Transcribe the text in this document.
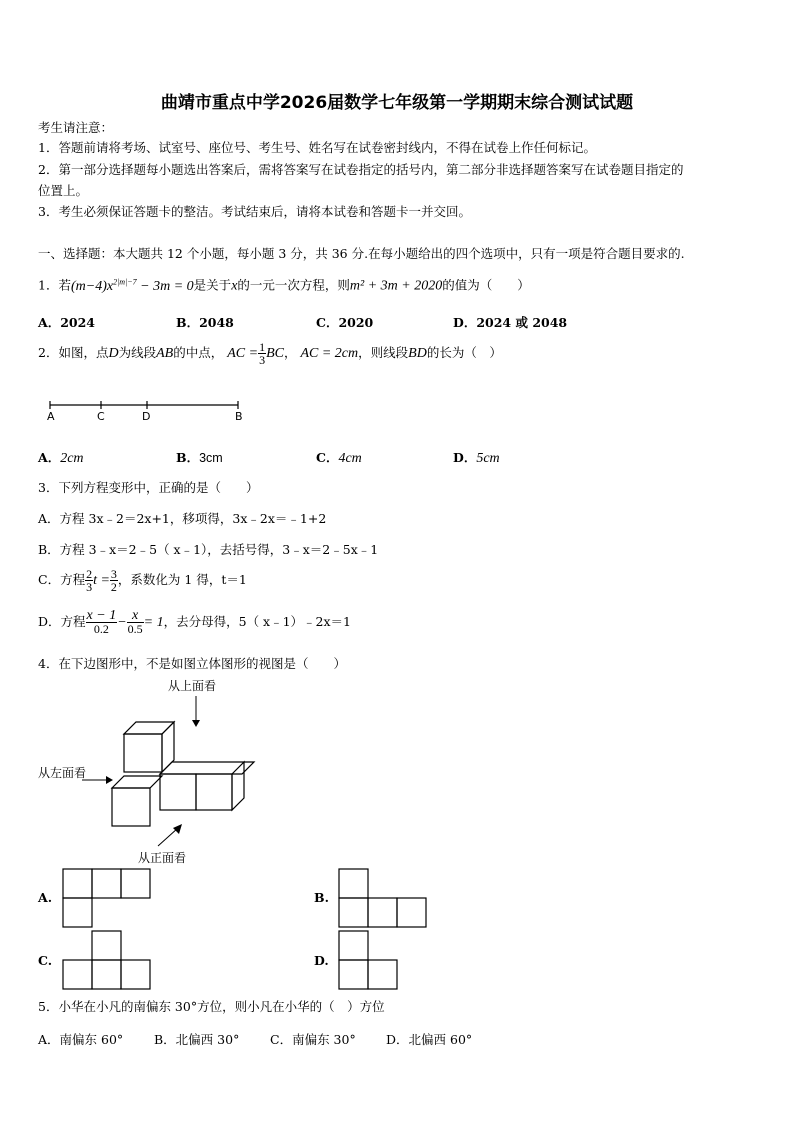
曲靖市重点中学2026届数学七年级第一学期期末综合测试试题
考生请注意：
1．答题前请将考场、试室号、座位号、考生号、姓名写在试卷密封线内，不得在试卷上作任何标记。
2．第一部分选择题每小题选出答案后，需将答案写在试卷指定的括号内，第二部分非选择题答案写在试卷题目指定的
位置上。
3．考生必须保证答题卡的整洁。考试结束后，请将本试卷和答题卡一并交回。
一、选择题：本大题共 12 个小题，每小题 3 分，共 36 分.在每小题给出的四个选项中，只有一项是符合题目要求的.
1．若$(m-4)x^{2|m|-7} - 3m = 0$是关于x的一元一次方程，则m² + 3m + 2020的值为（　　）
A．2024	B．2048	C．2020	D．2024 或 2048
2．如图，点D为线段AB的中点， AC = $\frac{1}{3}$ BC， AC = 2cm，则线段BD的长为（　）
A	C	D	B
A．2cm	B．3cm	C．4cm	D．5cm
3．下列方程变形中，正确的是（　　）
A．方程 3x﹣2＝2x+1，移项得，3x﹣2x＝﹣1+2
B．方程 3﹣x＝2﹣5（ x﹣1），去括号得，3﹣x＝2﹣5x﹣1
C．方程 $\frac{2}{3}$ $t = \frac{3}{2}$ ，系数化为 1 得，t＝1
D．方程 $\frac{x - 1}{0.2} - \frac{x}{0.5} = 1$，去分母得，5（ x﹣1）﹣2x＝1
4．在下边图形中，不是如图立体图形的视图是（　　）
从上面看
从左面看
从正面看
A.	B.
C.	D.
5．小华在小凡的南偏东 30°方位，则小凡在小华的（　）方位
A．南偏东 60° B．北偏西 30° C．南偏东 30° D．北偏西 60°
